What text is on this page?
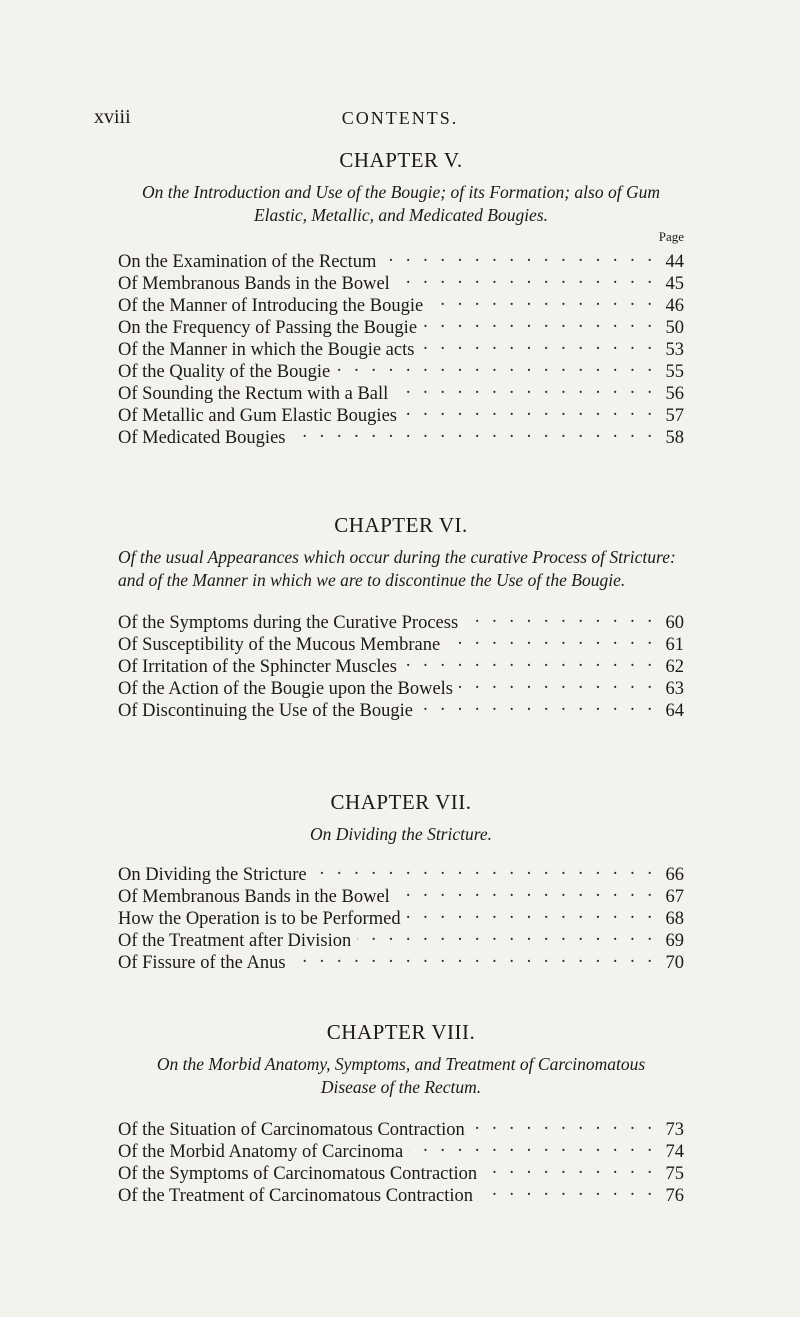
xviii	CONTENTS.
CHAPTER V.
On the Introduction and Use of the Bougie; of its Formation; also of Gum Elastic, Metallic, and Medicated Bougies.
Page
On the Examination of the Rectum . . .	44
Of Membranous Bands in the Bowel . . .	45
Of the Manner of Introducing the Bougie . . .	46
On the Frequency of Passing the Bougie . . .	50
Of the Manner in which the Bougie acts . . .	53
Of the Quality of the Bougie . . .	55
Of Sounding the Rectum with a Ball . . .	56
Of Metallic and Gum Elastic Bougies . . .	57
Of Medicated Bougies . . .	58
CHAPTER VI.
Of the usual Appearances which occur during the curative Process of Stricture: and of the Manner in which we are to discontinue the Use of the Bougie.
Of the Symptoms during the Curative Process . . .	60
Of Susceptibility of the Mucous Membrane . . .	61
Of Irritation of the Sphincter Muscles . . .	62
Of the Action of the Bougie upon the Bowels . . .	63
Of Discontinuing the Use of the Bougie . . .	64
CHAPTER VII.
On Dividing the Stricture.
On Dividing the Stricture . . .	66
Of Membranous Bands in the Bowel . . .	67
How the Operation is to be Performed . . .	68
Of the Treatment after Division . . .	69
Of Fissure of the Anus . . .	70
CHAPTER VIII.
On the Morbid Anatomy, Symptoms, and Treatment of Carcinomatous Disease of the Rectum.
Of the Situation of Carcinomatous Contraction . . .	73
Of the Morbid Anatomy of Carcinoma . . .	74
Of the Symptoms of Carcinomatous Contraction . . .	75
Of the Treatment of Carcinomatous Contraction . . .	76
